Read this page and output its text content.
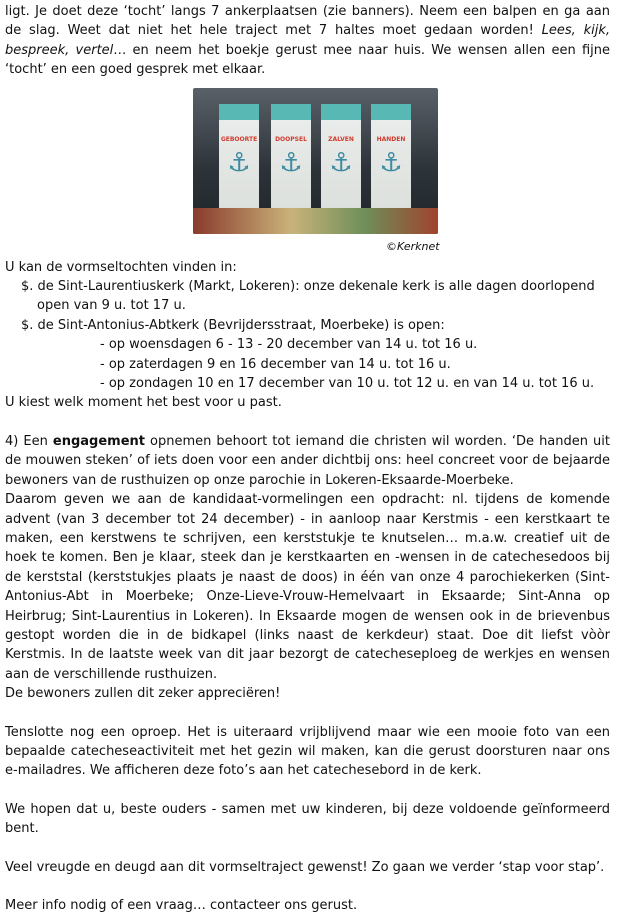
ligt. Je doet deze ‘tocht’ langs 7 ankerplaatsen (zie banners). Neem een balpen en ga aan de slag. Weet dat niet het hele traject met 7 haltes moet gedaan worden! Lees, kijk, bespreek, vertel… en neem het boekje gerust mee naar huis. We wensen allen een fijne ‘tocht’ en een goed gesprek met elkaar.

GEBOORTE
⚓
DOOPSEL
⚓
ZALVEN
⚓
HANDEN
⚓
©Kerknet

U kan de vormseltochten vinden in:

$. de Sint-Laurentiuskerk (Markt, Lokeren): onze dekenale kerk is alle dagen doorlopend open van 9 u. tot 17 u.

$. de Sint-Antonius-Abtkerk (Bevrijdersstraat, Moerbeke) is open:

- op woensdagen 6 - 13 - 20 december van 14 u. tot 16 u.

- op zaterdagen 9 en 16 december van 14 u. tot 16 u.

- op zondagen 10 en 17 december van 10 u. tot 12 u. en van 14 u. tot 16 u.

U kiest welk moment het best voor u past.

4) Een engagement opnemen behoort tot iemand die christen wil worden. ‘De handen uit de mouwen steken’ of iets doen voor een ander dichtbij ons: heel concreet voor de bejaarde bewoners van de rusthuizen op onze parochie in Lokeren-Eksaarde-Moerbeke.

Daarom geven we aan de kandidaat-vormelingen een opdracht: nl. tijdens de komende advent (van 3 december tot 24 december) - in aanloop naar Kerstmis - een kerstkaart te maken, een kerstwens te schrijven, een kerststukje te knutselen… m.a.w. creatief uit de hoek te komen. Ben je klaar, steek dan je kerstkaarten en -wensen in de catechesedoos bij de kerststal (kerststukjes plaats je naast de doos) in één van onze 4 parochiekerken (Sint-Antonius-Abt in Moerbeke; Onze-Lieve-Vrouw-Hemelvaart in Eksaarde; Sint-Anna op Heirbrug; Sint-Laurentius in Lokeren). In Eksaarde mogen de wensen ook in de brievenbus gestopt worden die in de bidkapel (links naast de kerkdeur) staat. Doe dit liefst vòòr Kerstmis. In de laatste week van dit jaar bezorgt de catecheseploeg de werkjes en wensen aan de verschillende rusthuizen.

De bewoners zullen dit zeker appreciëren!

Tenslotte nog een oproep. Het is uiteraard vrijblijvend maar wie een mooie foto van een bepaalde catecheseactiviteit met het gezin wil maken, kan die gerust doorsturen naar ons e-mailadres. We afficheren deze foto’s aan het catechesebord in de kerk.

We hopen dat u, beste ouders - samen met uw kinderen, bij deze voldoende geïnformeerd bent.

Veel vreugde en deugd aan dit vormseltraject gewenst! Zo gaan we verder ‘stap voor stap’.

Meer info nodig of een vraag… contacteer ons gerust.
